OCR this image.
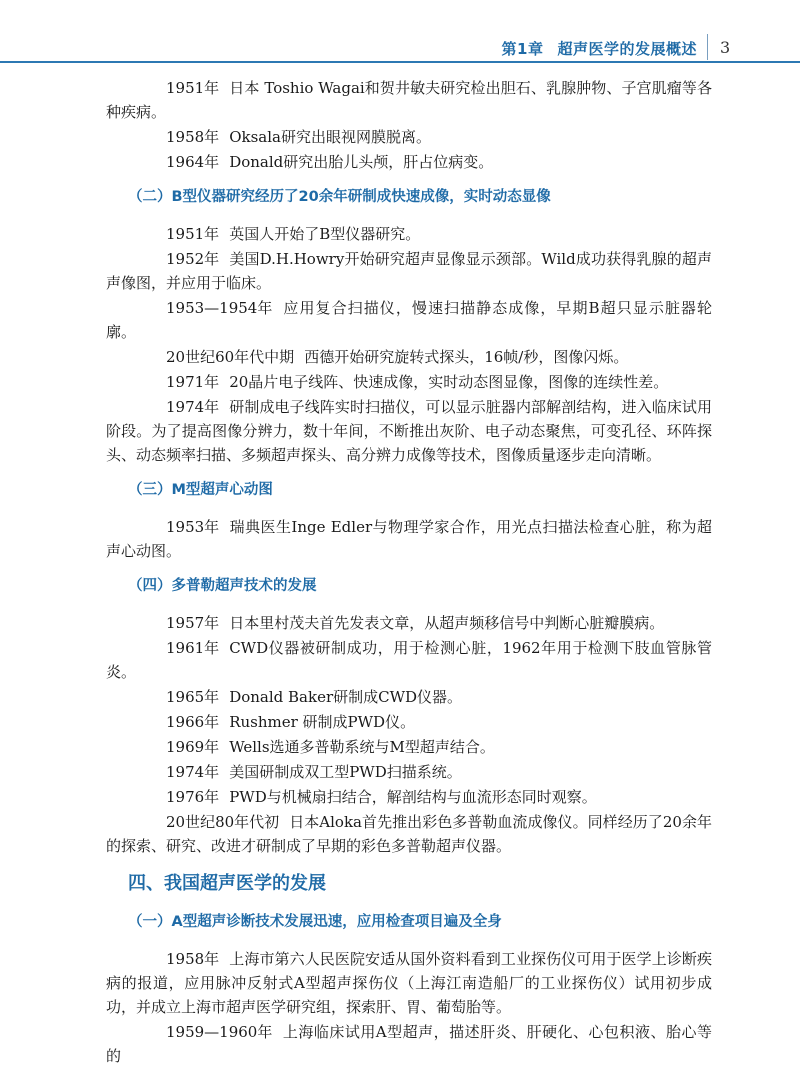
第1章 超声医学的发展概述 3

1951年 日本 Toshio Wagai和贺井敏夫研究检出胆石、乳腺肿物、子宫肌瘤等各种疾病。

1958年 Oksala研究出眼视网膜脱离。

1964年 Donald研究出胎儿头颅，肝占位病变。

（二）B型仪器研究经历了20余年研制成快速成像，实时动态显像

1951年 英国人开始了B型仪器研究。

1952年 美国D.H.Howry开始研究超声显像显示颈部。Wild成功获得乳腺的超声声像图，并应用于临床。

1953—1954年 应用复合扫描仪，慢速扫描静态成像，早期B超只显示脏器轮廓。

20世纪60年代中期 西德开始研究旋转式探头，16帧/秒，图像闪烁。

1971年 20晶片电子线阵、快速成像，实时动态图显像，图像的连续性差。

1974年 研制成电子线阵实时扫描仪，可以显示脏器内部解剖结构，进入临床试用阶段。为了提高图像分辨力，数十年间，不断推出灰阶、电子动态聚焦，可变孔径、环阵探头、动态频率扫描、多频超声探头、高分辨力成像等技术，图像质量逐步走向清晰。

（三）M型超声心动图

1953年 瑞典医生Inge Edler与物理学家合作，用光点扫描法检查心脏，称为超声心动图。

（四）多普勒超声技术的发展

1957年 日本里村茂夫首先发表文章，从超声频移信号中判断心脏瓣膜病。

1961年 CWD仪器被研制成功，用于检测心脏，1962年用于检测下肢血管脉管炎。

1965年 Donald Baker研制成CWD仪器。

1966年 Rushmer 研制成PWD仪。

1969年 Wells选通多普勒系统与M型超声结合。

1974年 美国研制成双工型PWD扫描系统。

1976年 PWD与机械扇扫结合，解剖结构与血流形态同时观察。

20世纪80年代初 日本Aloka首先推出彩色多普勒血流成像仪。同样经历了20余年的探索、研究、改进才研制成了早期的彩色多普勒超声仪器。

四、我国超声医学的发展
（一）A型超声诊断技术发展迅速，应用检查项目遍及全身

1958年 上海市第六人民医院安适从国外资料看到工业探伤仪可用于医学上诊断疾病的报道，应用脉冲反射式A型超声探伤仪（上海江南造船厂的工业探伤仪）试用初步成功，并成立上海市超声医学研究组，探索肝、胃、葡萄胎等。

1959—1960年 上海临床试用A型超声，描述肝炎、肝硬化、心包积液、胎心等的
